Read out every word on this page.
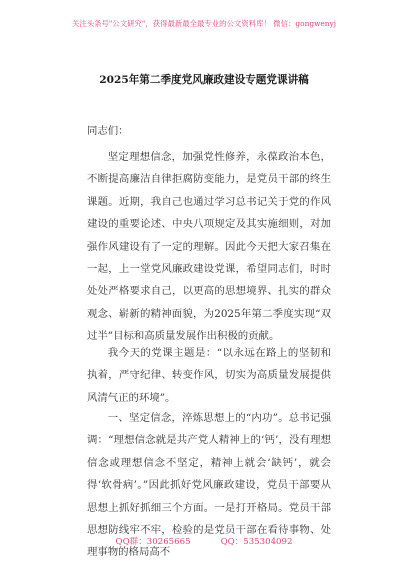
关注头条号"公文研究"，获得最新最全最专业的公文资料库！ 微信：gongwenyj
2025年第二季度党风廉政建设专题党课讲稿
同志们：

坚定理想信念，加强党性修养，永葆政治本色，不断提高廉洁自律拒腐防变能力，是党员干部的终生课题。近期，我自己也通过学习总书记关于党的作风建设的重要论述、中央八项规定及其实施细则，对加强作风建设有了一定的理解。因此今天把大家召集在一起，上一堂党风廉政建设党课，希望同志们，时时处处严格要求自己，以更高的思想境界、扎实的群众观念、崭新的精神面貌，为2025年第二季度实现“双过半”目标和高质量发展作出积极的贡献。

我今天的党课主题是：“以永远在路上的坚韧和执着，严守纪律、转变作风，切实为高质量发展提供风清气正的环境”。

一、坚定信念，淬炼思想上的“内功”。总书记强调：“理想信念就是共产党人精神上的‘钙’，没有理想信念或理想信念不坚定，精神上就会‘缺钙’，就会得‘软骨病’。”因此抓好党风廉政建设，党员干部要从思想上抓好抓细三个方面。一是打开格局。党员干部思想防线牢不牢，检验的是党员干部在看待事物、处理事物的格局高不

QQ群：30265665	QQ：535304092
